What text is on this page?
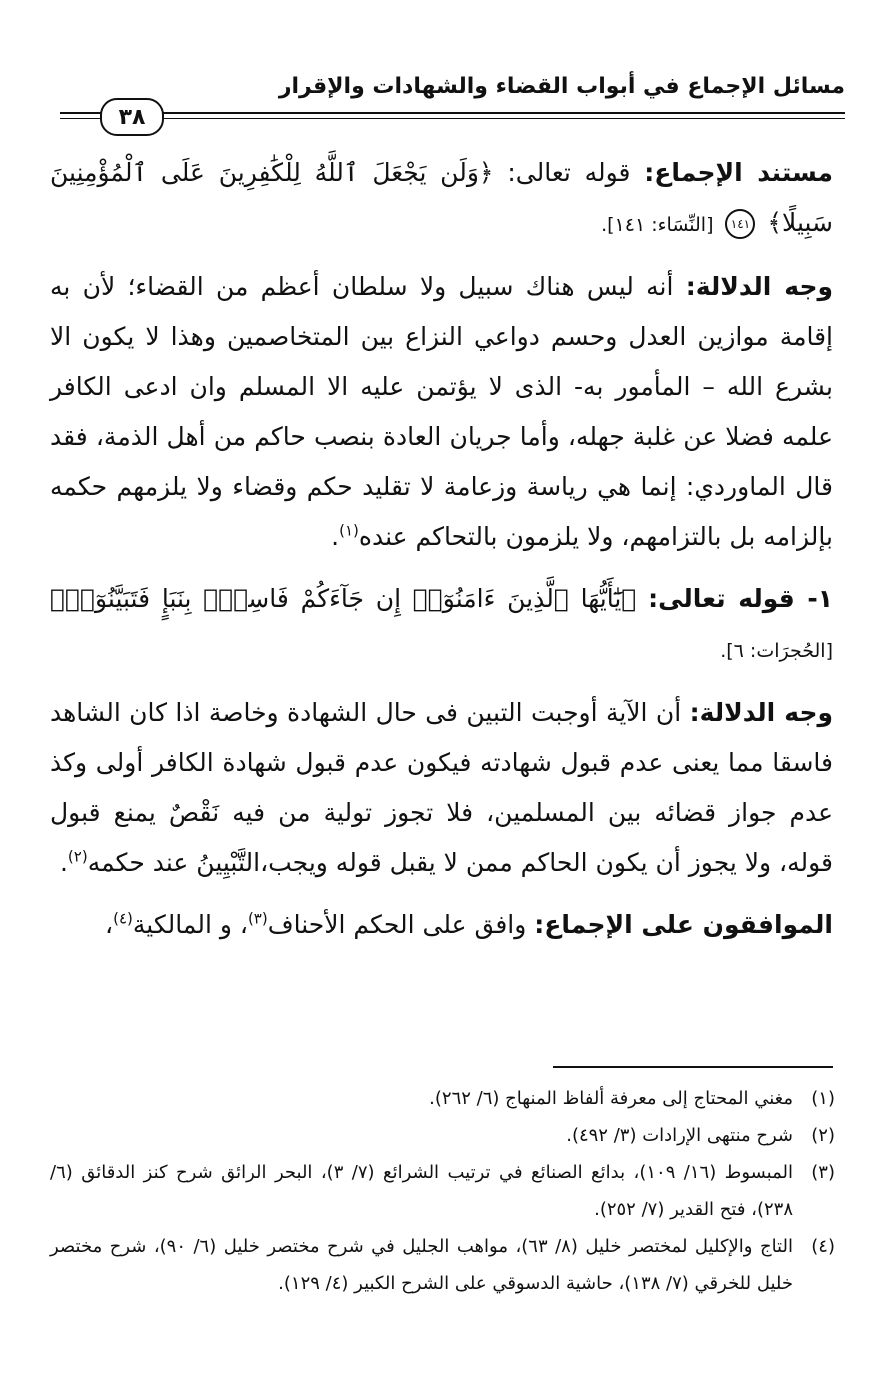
مسائل الإجماع في أبواب القضاء والشهادات والإقرار
٣٨

مستند الإجماع: قوله تعالى: ﴿وَلَن يَجْعَلَ ٱللَّهُ لِلْكَٰفِرِينَ عَلَى ٱلْمُؤْمِنِينَ سَبِيلًا﴾ ١٤١ [النِّسَاء: ١٤١].

وجه الدلالة: أنه ليس هناك سبيل ولا سلطان أعظم من القضاء؛ لأن به إقامة موازين العدل وحسم دواعي النزاع بين المتخاصمين وهذا لا يكون الا بشرع الله – المأمور به- الذى لا يؤتمن عليه الا المسلم وان ادعى الكافر علمه فضلا عن غلبة جهله، وأما جريان العادة بنصب حاكم من أهل الذمة، فقد قال الماوردي: إنما هي رياسة وزعامة لا تقليد حكم وقضاء ولا يلزمهم حكمه بإلزامه بل بالتزامهم، ولا يلزمون بالتحاكم عنده$^{(١)}$.

١- قوله تعالى: ﴿يَٰٓأَيُّهَا ٱلَّذِينَ ءَامَنُوٓا۟ إِن جَآءَكُمْ فَاسِقٌۢ بِنَبَإٍ فَتَبَيَّنُوٓا۟﴾ [الحُجرَات: ٦].

وجه الدلالة: أن الآية أوجبت التبين فى حال الشهادة وخاصة اذا كان الشاهد فاسقا مما يعنى عدم قبول شهادته فيكون عدم قبول شهادة الكافر أولى وكذ عدم جواز قضائه بين المسلمين، فلا تجوز تولية من فيه نَقْصٌ يمنع قبول قوله، ولا يجوز أن يكون الحاكم ممن لا يقبل قوله ويجب،التَّبْيِينُ عند حكمه$^{(٢)}$.

الموافقون على الإجماع: وافق على الحكم الأحناف$^{(٣)}$، و المالكية$^{(٤)}$،

(١)
مغني المحتاج إلى معرفة ألفاظ المنهاج (٦/ ٢٦٢).
(٢)
شرح منتهى الإرادات (٣/ ٤٩٢).
(٣)
المبسوط (١٦/ ١٠٩)، بدائع الصنائع في ترتيب الشرائع (٧/ ٣)، البحر الرائق شرح كنز الدقائق (٦/ ٢٣٨)، فتح القدير (٧/ ٢٥٢).
(٤)
التاج والإكليل لمختصر خليل (٨/ ٦٣)، مواهب الجليل في شرح مختصر خليل (٦/ ٩٠)، شرح مختصر خليل للخرقي (٧/ ١٣٨)، حاشية الدسوقي على الشرح الكبير (٤/ ١٢٩).
